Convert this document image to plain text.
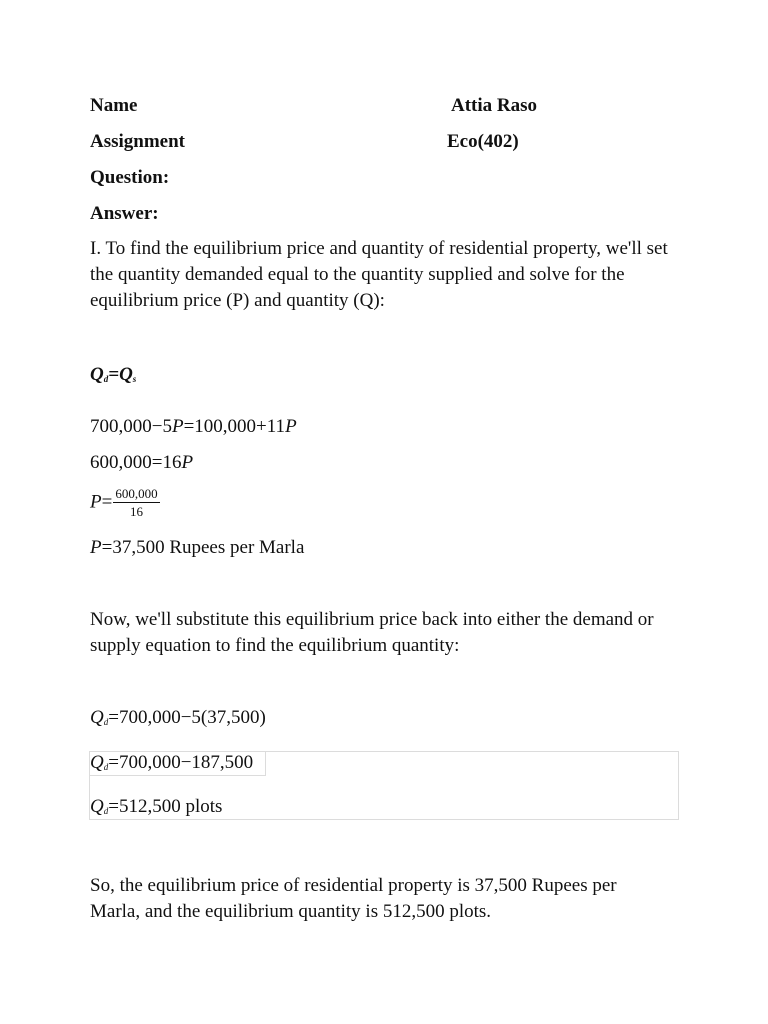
Name	Attia Raso
Assignment	Eco(402)
Question:
Answer:
I. To find the equilibrium price and quantity of residential property, we'll set the quantity demanded equal to the quantity supplied and solve for the equilibrium price (P) and quantity (Q):
$Q_d=Q_s$
700,000−5P=100,000+11P
600,000=16P
$P= \frac{600,000}{16}$
P=37,500 Rupees per Marla
Now, we'll substitute this equilibrium price back into either the demand or supply equation to find the equilibrium quantity:
$Q_d=700,000-5(37,500)$
$Q_d=700,000-187,500$
$Q_d=512,500$ plots
So, the equilibrium price of residential property is 37,500 Rupees per Marla, and the equilibrium quantity is 512,500 plots.
